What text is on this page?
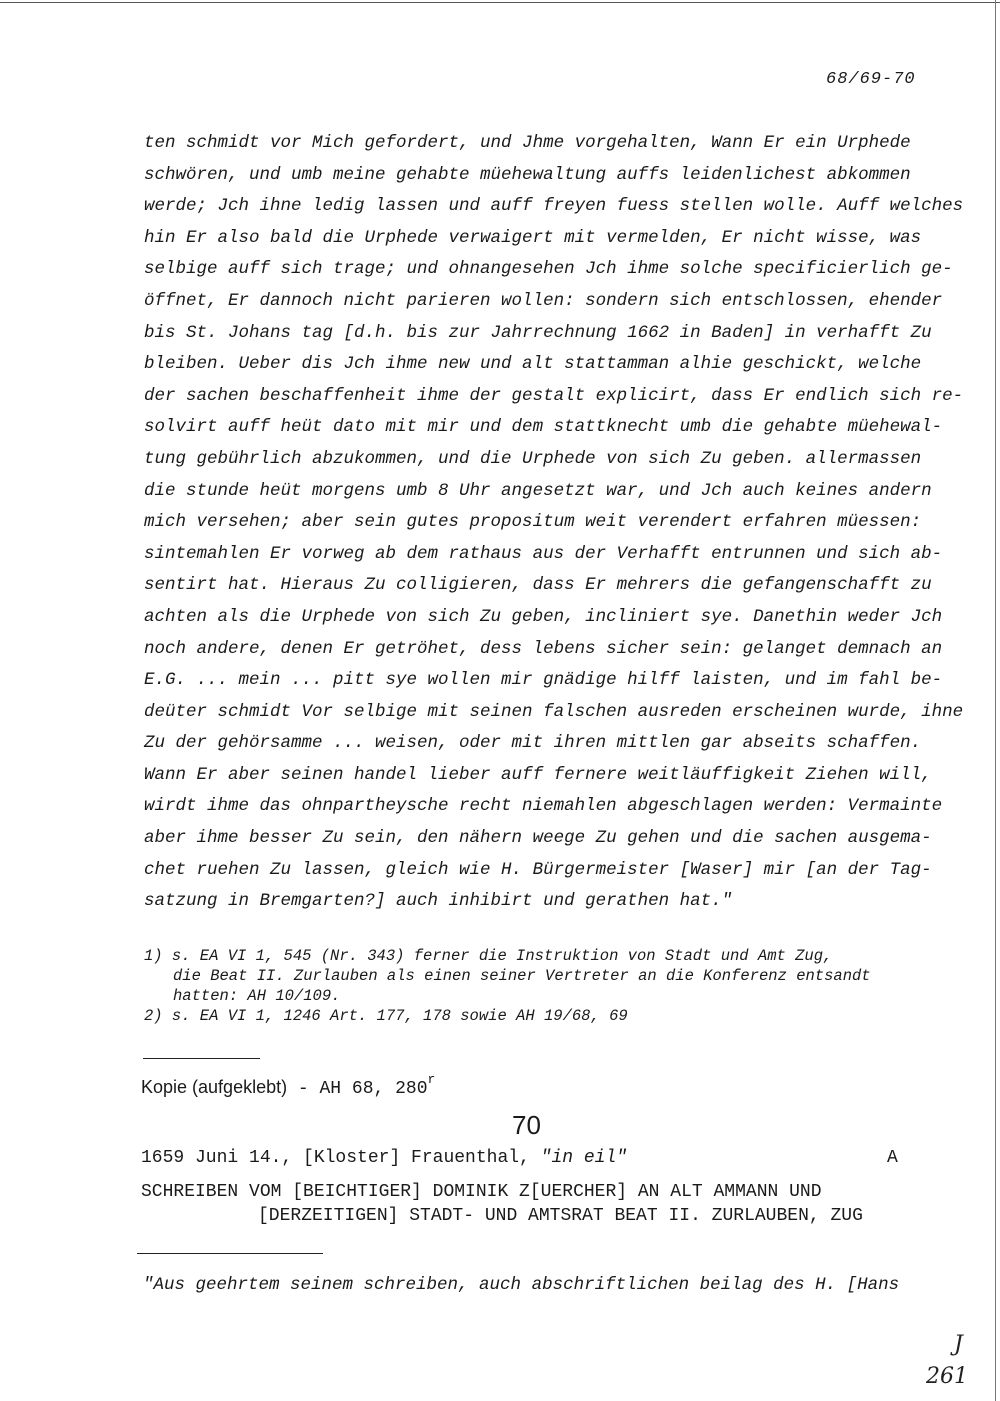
68/69-70
ten schmidt vor Mich gefordert, und Jhme vorgehalten, Wann Er ein Urphede
schwören, und umb meine gehabte müehewaltung auffs leidenlichest abkommen
werde; Jch ihne ledig lassen und auff freyen fuess stellen wolle. Auff welches
hin Er also bald die Urphede verwaigert mit vermelden, Er nicht wisse, was
selbige auff sich trage; und ohnangesehen Jch ihme solche specificierlich ge-
öffnet, Er dannoch nicht parieren wollen: sondern sich entschlossen, ehender
bis St. Johans tag [d.h. bis zur Jahrrechnung 1662 in Baden] in verhafft Zu
bleiben. Ueber dis Jch ihme new und alt stattamman alhie geschickt, welche
der sachen beschaffenheit ihme der gestalt explicirt, dass Er endlich sich re-
solvirt auff heüt dato mit mir und dem stattknecht umb die gehabte müehewal-
tung gebührlich abzukommen, und die Urphede von sich Zu geben. allermassen
die stunde heüt morgens umb 8 Uhr angesetzt war, und Jch auch keines andern
mich versehen; aber sein gutes propositum weit verendert erfahren müessen:
sintemahlen Er vorweg ab dem rathaus aus der Verhafft entrunnen und sich ab-
sentirt hat. Hieraus Zu colligieren, dass Er mehrers die gefangenschafft zu
achten als die Urphede von sich Zu geben, incliniert sye. Danethin weder Jch
noch andere, denen Er getröhet, dess lebens sicher sein: gelanget demnach an
E.G. ... mein ... pitt sye wollen mir gnädige hilff laisten, und im fahl be-
deüter schmidt Vor selbige mit seinen falschen ausreden erscheinen wurde, ihne
Zu der gehörsamme ... weisen, oder mit ihren mittlen gar abseits schaffen.
Wann Er aber seinen handel lieber auff fernere weitläuffigkeit Ziehen will,
wirdt ihme das ohnpartheysche recht niemahlen abgeschlagen werden: Vermainte
aber ihme besser Zu sein, den nähern weege Zu gehen und die sachen ausgema-
chet ruehen Zu lassen, gleich wie H. Bürgermeister [Waser] mir [an der Tag-
satzung in Bremgarten?] auch inhibirt und gerathen hat."
1) s. EA VI 1, 545 (Nr. 343) ferner die Instruktion von Stadt und Amt Zug,
die Beat II. Zurlauben als einen seiner Vertreter an die Konferenz entsandt
hatten: AH 10/109.
2) s. EA VI 1, 1246 Art. 177, 178 sowie AH 19/68, 69
Kopie (aufgeklebt) - AH 68, 280$^r$
70
1659 Juni 14., [Kloster] Frauenthal, "in eil"	A
SCHREIBEN VOM [BEICHTIGER] DOMINIK Z[UERCHER] AN ALT AMMANN UND
[DERZEITIGEN] STADT- UND AMTSRAT BEAT II. ZURLAUBEN, ZUG
"Aus geehrtem seinem schreiben, auch abschriftlichen beilag des H. [Hans
J
261
